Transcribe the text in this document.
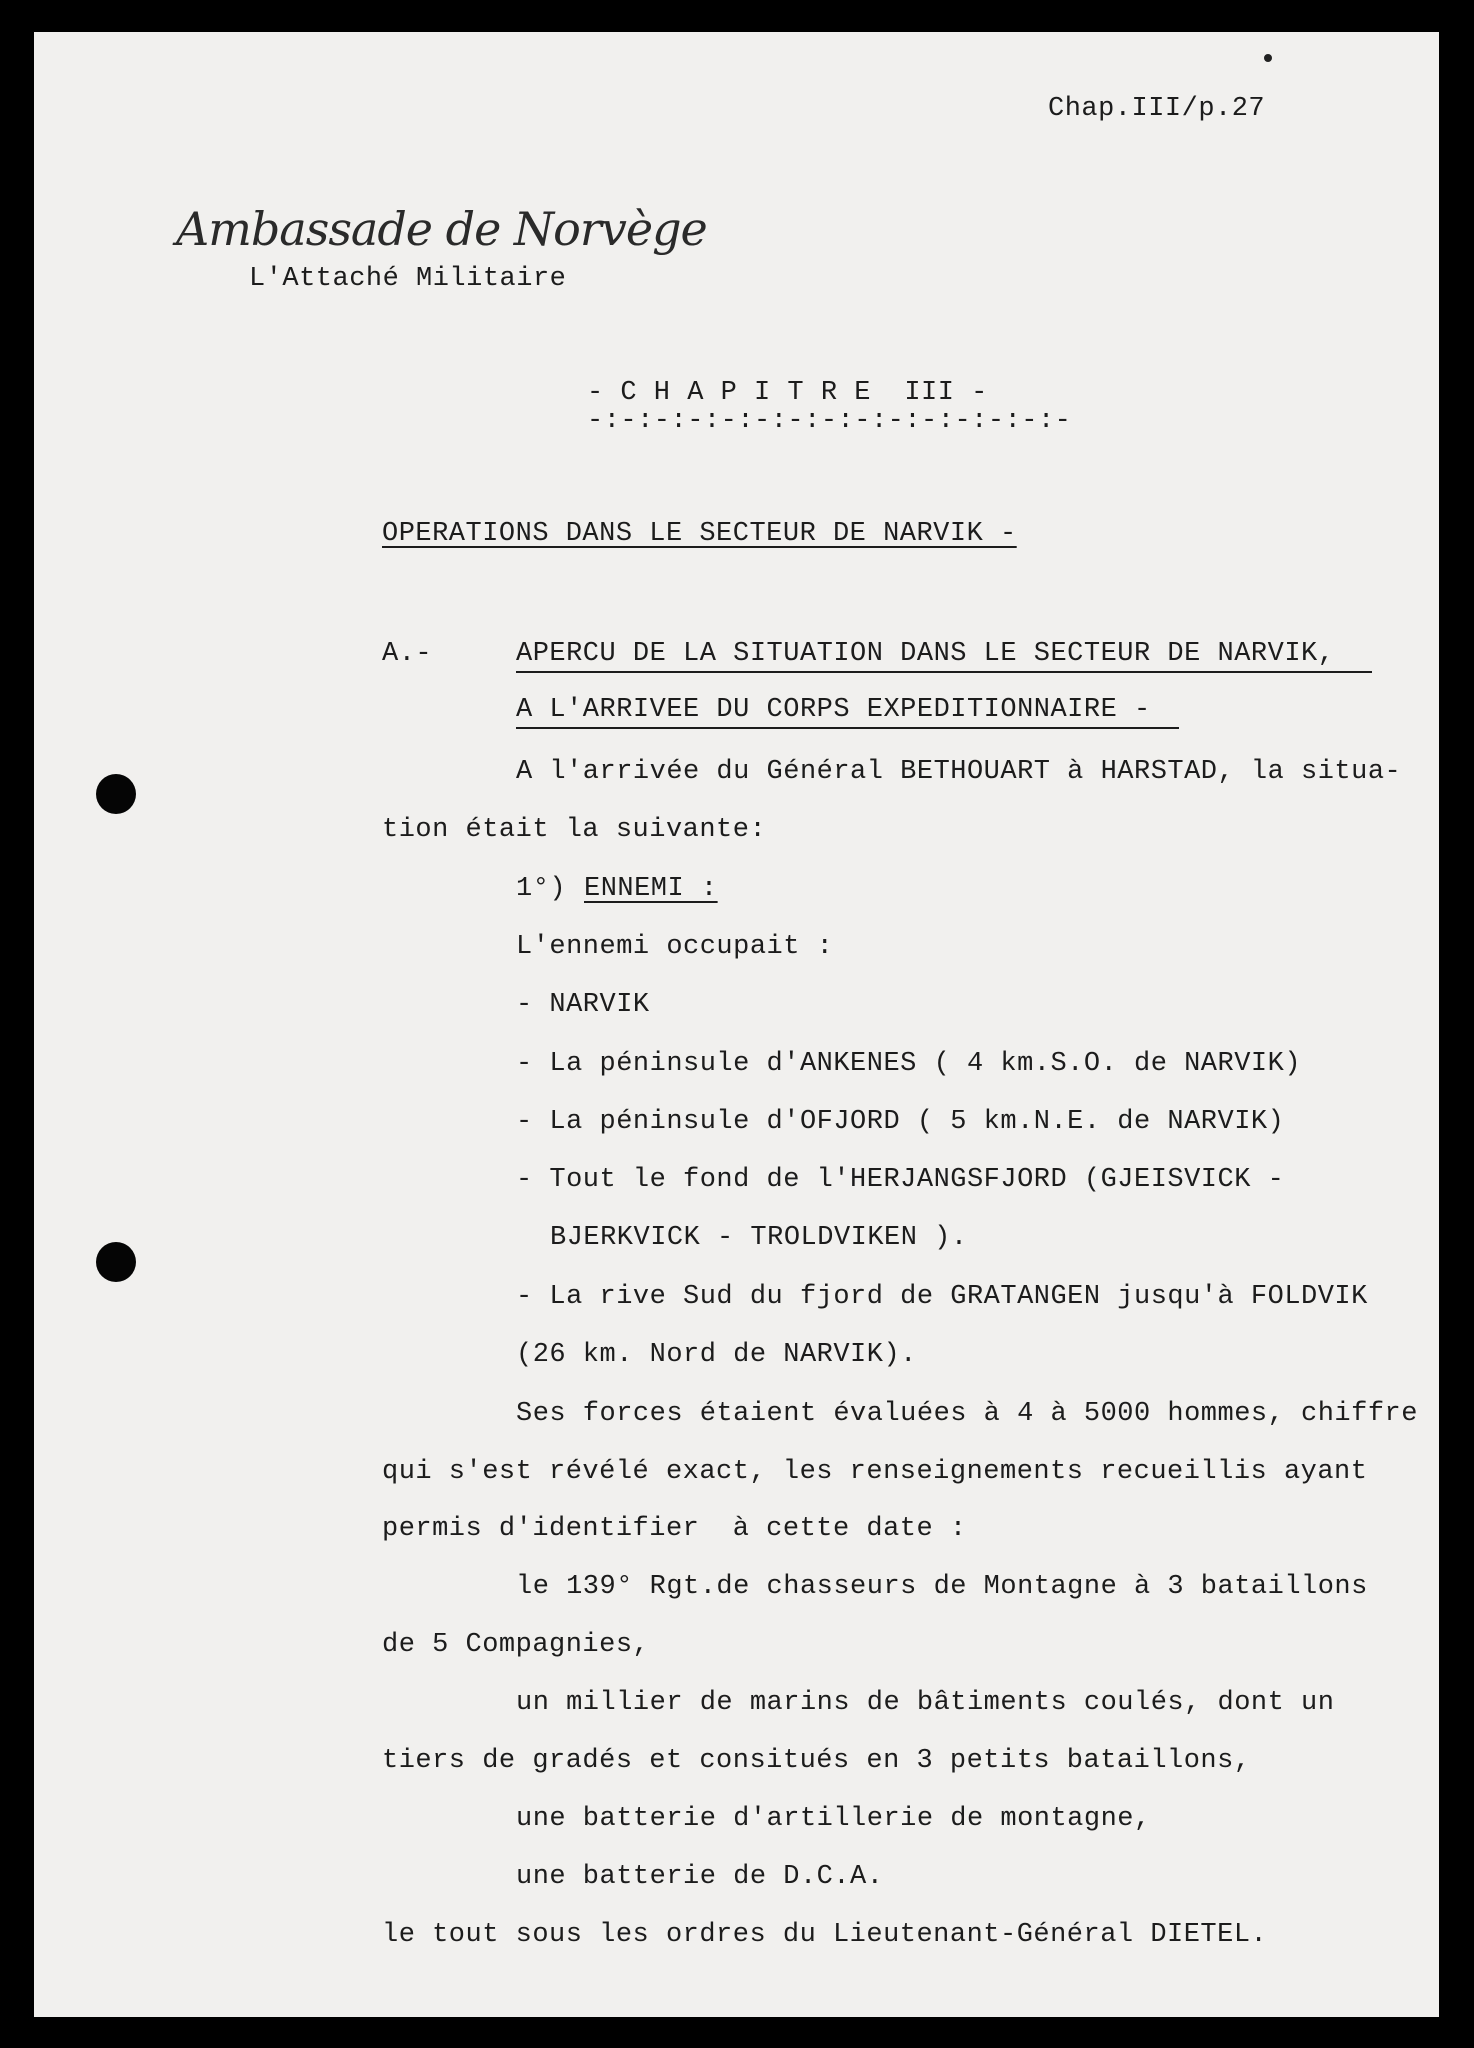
Chap.III/p.27
Ambassade de Norvège
L'Attaché Militaire
- C H A P I T R E  III -
-:-:-:-:-:-:-:-:-:-:-:-:-:-:-
OPERATIONS DANS LE SECTEUR DE NARVIK -
A.-	APERCU DE LA SITUATION DANS LE SECTEUR DE NARVIK,
A L'ARRIVEE DU CORPS EXPEDITIONNAIRE -
A l'arrivée du Général BETHOUART à HARSTAD, la situa-
tion était la suivante:
1°) ENNEMI :
L'ennemi occupait :
- NARVIK
- La péninsule d'ANKENES ( 4 km.S.O. de NARVIK)
- La péninsule d'OFJORD ( 5 km.N.E. de NARVIK)
- Tout le fond de l'HERJANGSFJORD (GJEISVICK -
BJERKVICK - TROLDVIKEN ).
- La rive Sud du fjord de GRATANGEN jusqu'à FOLDVIK
(26 km. Nord de NARVIK).
Ses forces étaient évaluées à 4 à 5000 hommes, chiffre
qui s'est révélé exact, les renseignements recueillis ayant
permis d'identifier  à cette date :
le 139° Rgt.de chasseurs de Montagne à 3 bataillons
de 5 Compagnies,
un millier de marins de bâtiments coulés, dont un
tiers de gradés et consitués en 3 petits bataillons,
une batterie d'artillerie de montagne,
une batterie de D.C.A.
le tout sous les ordres du Lieutenant-Général DIETEL.
